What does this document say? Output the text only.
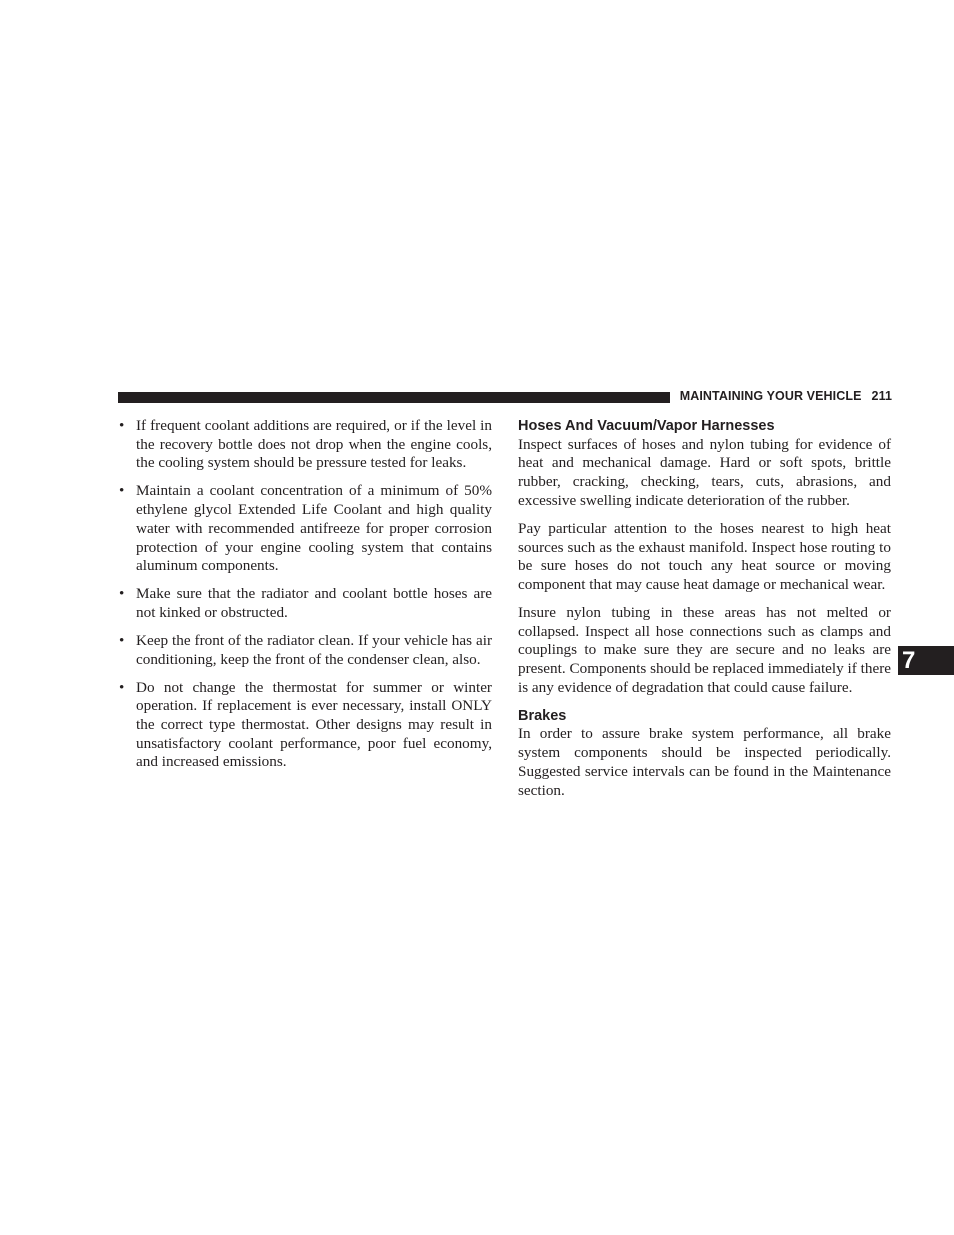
MAINTAINING YOUR VEHICLE 211
• If frequent coolant additions are required, or if the level in the recovery bottle does not drop when the engine cools, the cooling system should be pressure tested for leaks.
• Maintain a coolant concentration of a minimum of 50% ethylene glycol Extended Life Coolant and high quality water with recommended antifreeze for proper corrosion protection of your engine cooling system that contains aluminum components.
• Make sure that the radiator and coolant bottle hoses are not kinked or obstructed.
• Keep the front of the radiator clean. If your vehicle has air conditioning, keep the front of the condenser clean, also.
• Do not change the thermostat for summer or winter operation. If replacement is ever necessary, install ONLY the correct type thermostat. Other designs may result in unsatisfactory coolant performance, poor fuel economy, and increased emissions.
Hoses And Vacuum/Vapor Harnesses

Inspect surfaces of hoses and nylon tubing for evidence of heat and mechanical damage. Hard or soft spots, brittle rubber, cracking, checking, tears, cuts, abrasions, and excessive swelling indicate deterioration of the rubber.

Pay particular attention to the hoses nearest to high heat sources such as the exhaust manifold. Inspect hose routing to be sure hoses do not touch any heat source or moving component that may cause heat damage or mechanical wear.

Insure nylon tubing in these areas has not melted or collapsed. Inspect all hose connections such as clamps and couplings to make sure they are secure and no leaks are present. Components should be replaced immediately if there is any evidence of degradation that could cause failure.

Brakes

In order to assure brake system performance, all brake system components should be inspected periodically. Suggested service intervals can be found in the Maintenance section.

7
